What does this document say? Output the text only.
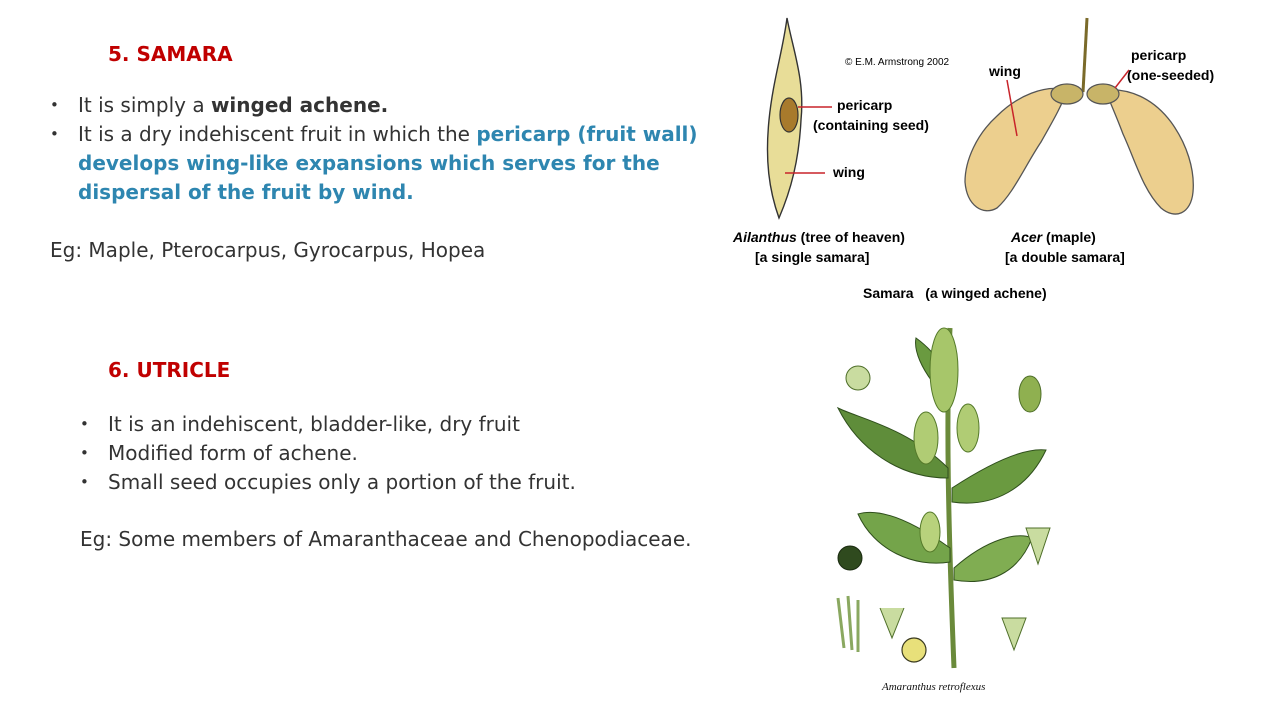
5. SAMARA
• It is simply a winged achene.
• It is a dry indehiscent fruit in which the pericarp (fruit wall) develops wing-like expansions which serves for the dispersal of the fruit by wind.
Eg: Maple, Pterocarpus, Gyrocarpus, Hopea
6. UTRICLE
• It is an indehiscent, bladder-like, dry fruit
• Modified form of achene.
• Small seed occupies only a portion of the fruit.
Eg: Some members of Amaranthaceae and Chenopodiaceae.
© E.M. Armstrong 2002
pericarp
(containing seed)
wing
wing
pericarp
(one-seeded)
Ailanthus (tree of heaven)
[a single samara]
Acer (maple)
[a double samara]
Samara   (a winged achene)
Amaranthus retroflexus
